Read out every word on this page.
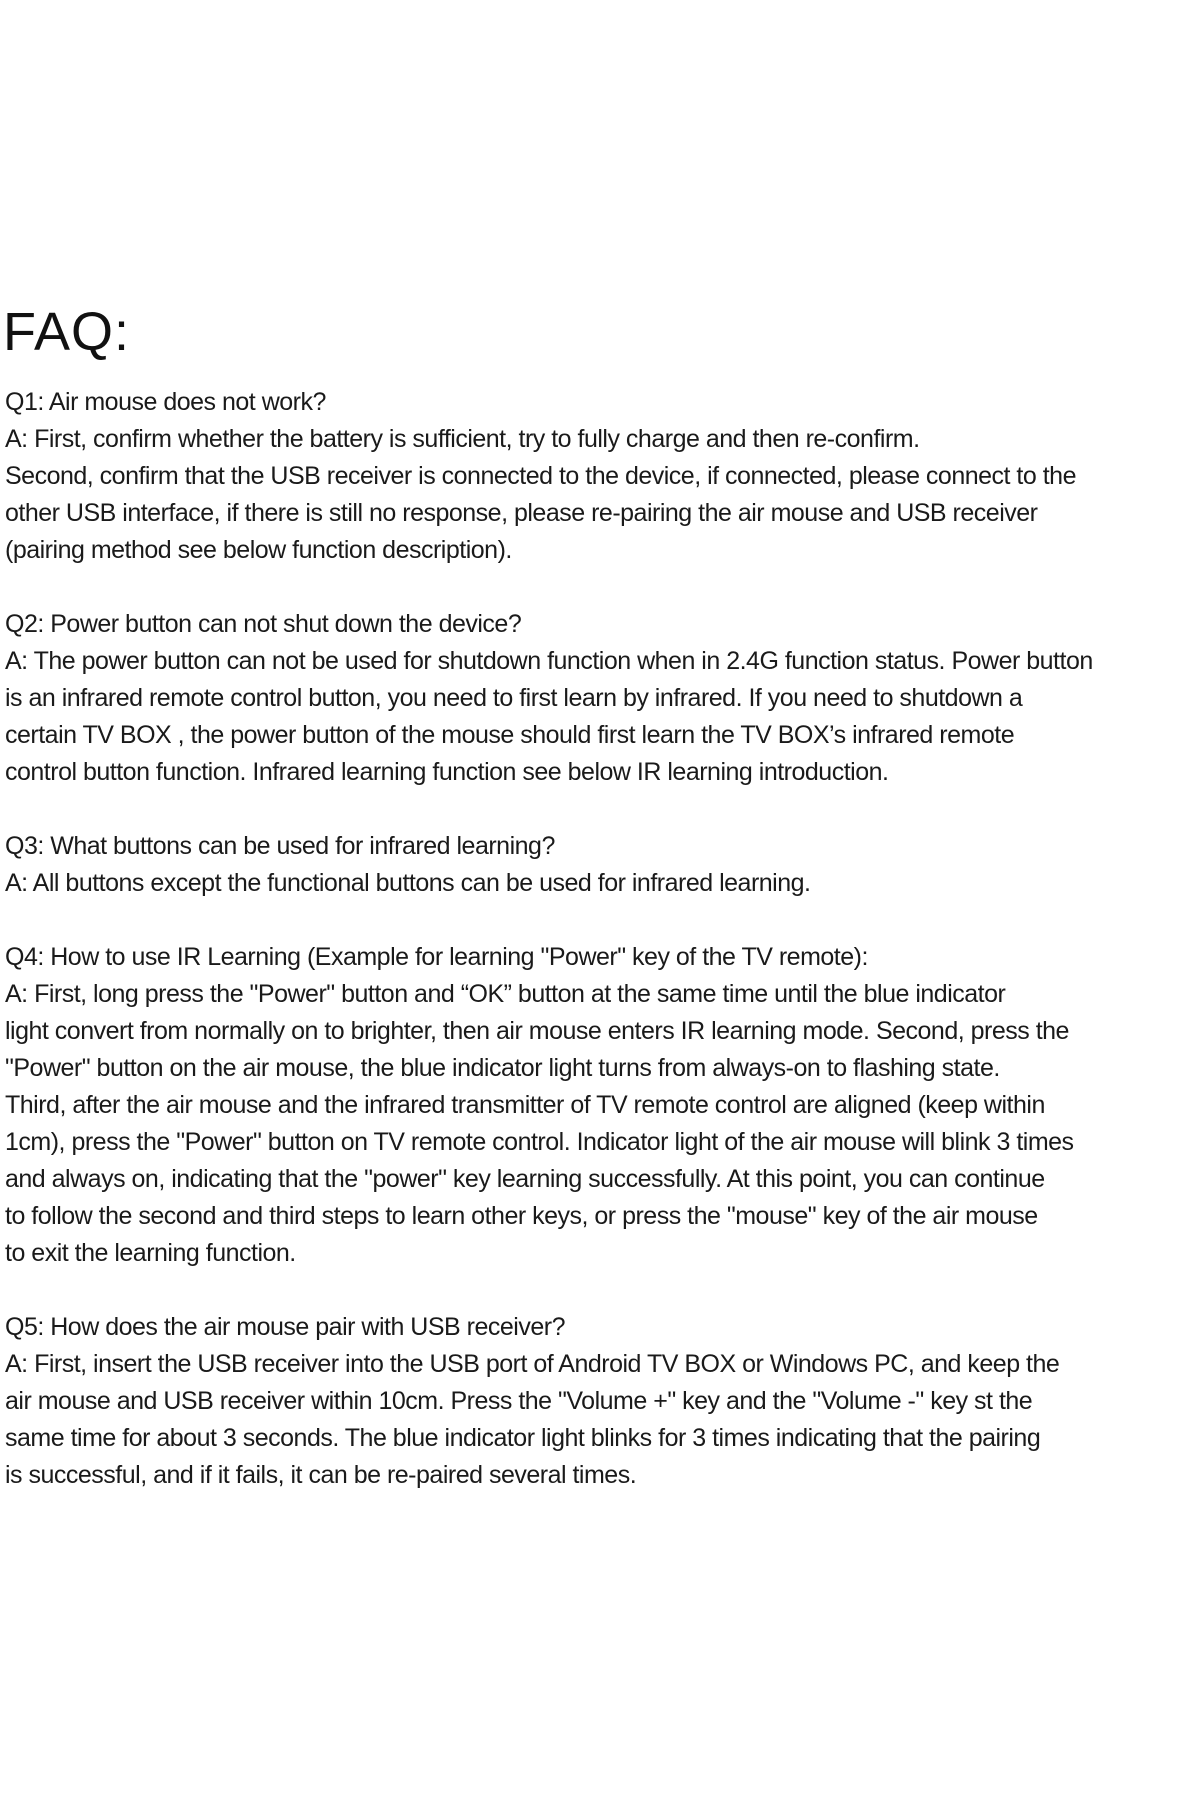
FAQ:
Q1: Air mouse does not work?
A: First, confirm whether the battery is sufficient, try to fully charge and then re-confirm.
Second, confirm that the USB receiver is connected to the device, if connected, please connect to the
other USB interface, if there is still no response, please re-pairing the air mouse and USB receiver
(pairing method see below function description).
Q2: Power button can not shut down the device?
A: The power button can not be used for shutdown function when in 2.4G function status. Power button
is an infrared remote control button, you need to first learn by infrared. If you need to shutdown a
certain TV BOX , the power button of the mouse should first learn the TV BOX’s infrared remote
control button function. Infrared learning function see below IR learning introduction.
Q3: What buttons can be used for infrared learning?
A: All buttons except the functional buttons can be used for infrared learning.
Q4: How to use IR Learning (Example for learning "Power" key of the TV remote):
A: First, long press the "Power" button and “OK” button at the same time until the blue indicator
light convert from normally on to brighter, then air mouse enters IR learning mode. Second, press the
"Power" button on the air mouse, the blue indicator light turns from always-on to flashing state.
Third, after the air mouse and the infrared transmitter of TV remote control are aligned (keep within
1cm), press the "Power" button on TV remote control. Indicator light of the air mouse will blink 3 times
and always on, indicating that the "power" key learning successfully. At this point, you can continue
to follow the second and third steps to learn other keys, or press the "mouse" key of the air mouse
to exit the learning function.
Q5: How does the air mouse pair with USB receiver?
A: First, insert the USB receiver into the USB port of Android TV BOX or Windows PC, and keep the
air mouse and USB receiver within 10cm. Press the "Volume +" key and the "Volume -" key st the
same time for about 3 seconds. The blue indicator light blinks for 3 times indicating that the pairing
is successful, and if it fails, it can be re-paired several times.
